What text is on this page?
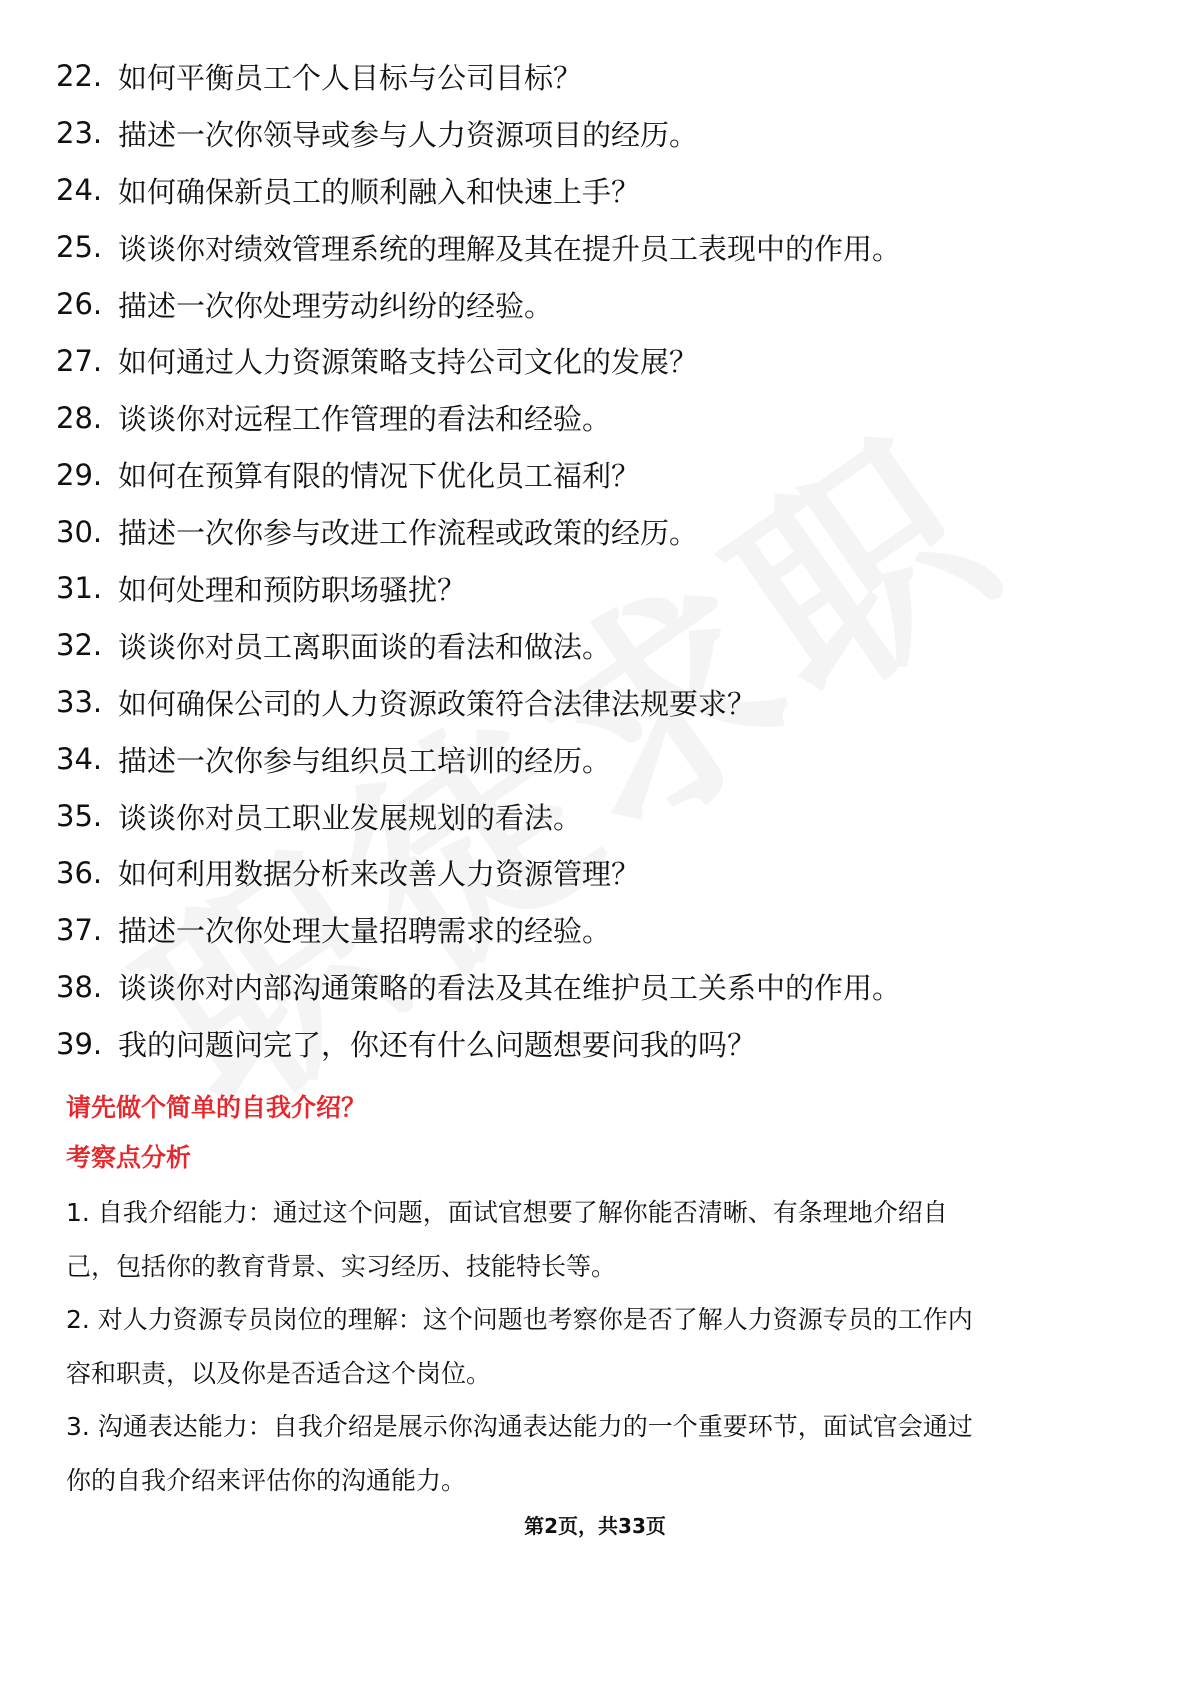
22. 如何平衡员工个人目标与公司目标？
23. 描述一次你领导或参与人力资源项目的经历。
24. 如何确保新员工的顺利融入和快速上手？
25. 谈谈你对绩效管理系统的理解及其在提升员工表现中的作用。
26. 描述一次你处理劳动纠纷的经验。
27. 如何通过人力资源策略支持公司文化的发展？
28. 谈谈你对远程工作管理的看法和经验。
29. 如何在预算有限的情况下优化员工福利？
30. 描述一次你参与改进工作流程或政策的经历。
31. 如何处理和预防职场骚扰？
32. 谈谈你对员工离职面谈的看法和做法。
33. 如何确保公司的人力资源政策符合法律法规要求？
34. 描述一次你参与组织员工培训的经历。
35. 谈谈你对员工职业发展规划的看法。
36. 如何利用数据分析来改善人力资源管理？
37. 描述一次你处理大量招聘需求的经验。
38. 谈谈你对内部沟通策略的看法及其在维护员工关系中的作用。
39. 我的问题问完了，你还有什么问题想要问我的吗？
请先做个简单的自我介绍？
考察点分析

1. 自我介绍能力：通过这个问题，面试官想要了解你能否清晰、有条理地介绍自
己，包括你的教育背景、实习经历、技能特长等。

2. 对人力资源专员岗位的理解：这个问题也考察你是否了解人力资源专员的工作内
容和职责，以及你是否适合这个岗位。

3. 沟通表达能力：自我介绍是展示你沟通表达能力的一个重要环节，面试官会通过
你的自我介绍来评估你的沟通能力。

第2页，共33页
